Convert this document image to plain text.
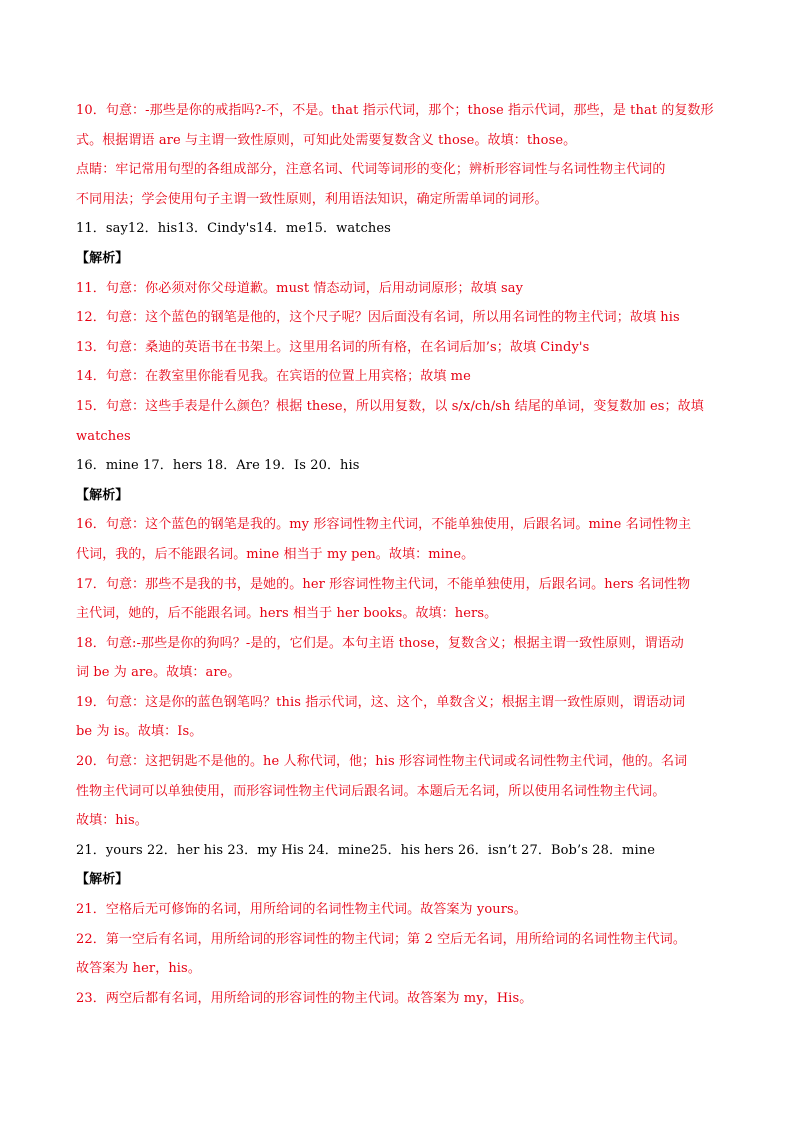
10．句意：-那些是你的戒指吗?-不，不是。that 指示代词，那个；those 指示代词，那些，是 that 的复数形
式。根据谓语 are 与主谓一致性原则，可知此处需要复数含义 those。故填：those。
点睛：牢记常用句型的各组成部分，注意名词、代词等词形的变化；辨析形容词性与名词性物主代词的
不同用法；学会使用句子主谓一致性原则，利用语法知识，确定所需单词的词形。
11．say12．his13．Cindy's14．me15．watches
【解析】
11．句意：你必须对你父母道歉。must 情态动词，后用动词原形；故填 say
12．句意：这个蓝色的钢笔是他的，这个尺子呢？因后面没有名词，所以用名词性的物主代词；故填 his
13．句意：桑迪的英语书在书架上。这里用名词的所有格，在名词后加’s；故填 Cindy's
14．句意：在教室里你能看见我。在宾语的位置上用宾格；故填 me
15．句意：这些手表是什么颜色？根据 these，所以用复数，以 s/x/ch/sh 结尾的单词，变复数加 es；故填
watches
16．mine 17．hers 18．Are 19．Is 20．his
【解析】
16．句意：这个蓝色的钢笔是我的。my 形容词性物主代词，不能单独使用，后跟名词。mine 名词性物主
代词，我的，后不能跟名词。mine 相当于 my pen。故填：mine。
17．句意：那些不是我的书，是她的。her 形容词性物主代词，不能单独使用，后跟名词。hers 名词性物
主代词，她的，后不能跟名词。hers 相当于 her books。故填：hers。
18．句意:-那些是你的狗吗？-是的，它们是。本句主语 those，复数含义；根据主谓一致性原则，谓语动
词 be 为 are。故填：are。
19．句意：这是你的蓝色钢笔吗？this 指示代词，这、这个，单数含义；根据主谓一致性原则，谓语动词
be 为 is。故填：Is。
20．句意：这把钥匙不是他的。he 人称代词，他；his 形容词性物主代词或名词性物主代词，他的。名词
性物主代词可以单独使用，而形容词性物主代词后跟名词。本题后无名词，所以使用名词性物主代词。
故填：his。
21．yours 22．her his 23．my His 24．mine25．his hers 26．isn’t 27．Bob’s 28．mine
【解析】
21．空格后无可修饰的名词，用所给词的名词性物主代词。故答案为 yours。
22．第一空后有名词，用所给词的形容词性的物主代词；第 2 空后无名词，用所给词的名词性物主代词。
故答案为 her，his。
23．两空后都有名词，用所给词的形容词性的物主代词。故答案为 my，His。
